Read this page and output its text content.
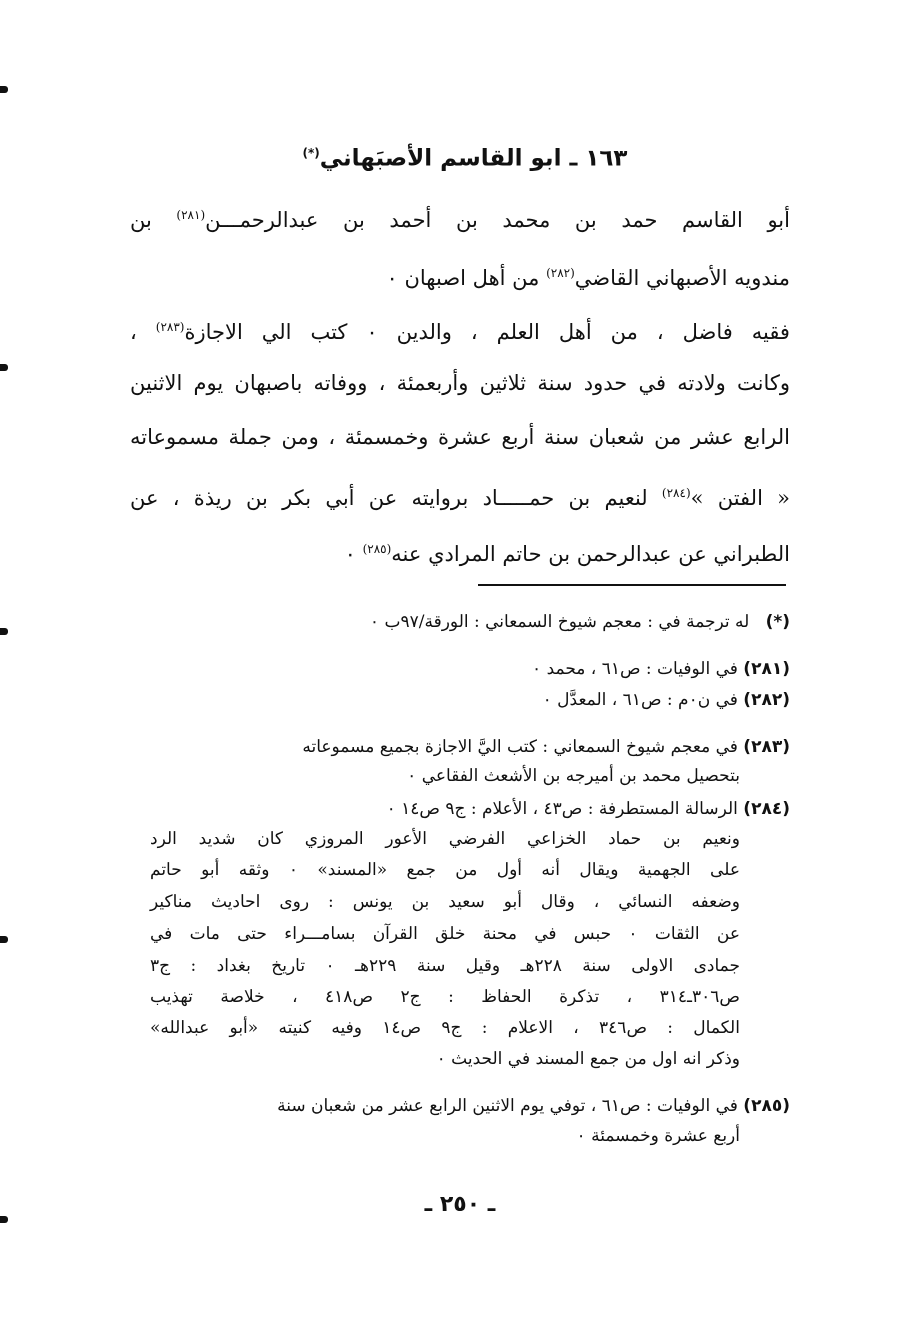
١٦٣ ـ ابو القاسم الأصبَهاني(*)
أبو القاسم حمد بن محمد بن أحمد بن عبدالرحمـــن$^{(٢٨١)}$ بن
مندويه الأصبهاني القاضي$^{(٢٨٢)}$ من أهل اصبهان ٠
فقيه فاضل ، من أهل العلم ، والدين ٠ كتب الي الاجازة$^{(٢٨٣)}$ ،
وكانت ولادته في حدود سنة ثلاثين وأربعمئة ، ووفاته باصبهان يوم الاثنين
الرابع عشر من شعبان سنة أربع عشرة وخمسمئة ، ومن جملة مسموعاته
« الفتن »$^{(٢٨٤)}$ لنعيم بن حمـــــاد بروايته عن أبي بكر بن ريذة ، عن
الطبراني عن عبدالرحمن بن حاتم المرادي عنه$^{(٢٨٥)}$ ٠
(*)   له ترجمة في : معجم شيوخ السمعاني : الورقة/٩٧ب ٠
(٢٨١) في الوفيات : ص٦١ ، محمد ٠
(٢٨٢) في ن٠م : ص٦١ ، المعدَّل ٠
(٢٨٣) في معجم شيوخ السمعاني : كتب اليَّ الاجازة بجميع مسموعاته
بتحصيل محمد بن أميرجه بن الأشعث الفقاعي ٠
(٢٨٤) الرسالة المستطرفة : ص٤٣ ، الأعلام : ج٩ ص١٤ ٠
ونعيم بن حماد الخزاعي الفرضي الأعور المروزي كان شديد الرد
على الجهمية ويقال أنه أول من جمع «المسند» ٠ وثقه أبو حاتم
وضعفه النسائي ، وقال أبو سعيد بن يونس : روى احاديث مناكير
عن الثقات ٠ حبس في محنة خلق القرآن بسامـــراء حتى مات في
جمادى الاولى سنة ٢٢٨هـ وقيل سنة ٢٢٩هـ ٠ تاريخ بغداد : ج٣
ص٣٠٦ـ٣١٤ ، تذكرة الحفاظ : ج٢ ص٤١٨ ، خلاصة تهذيب
الكمال : ص٣٤٦ ، الاعلام : ج٩ ص١٤ وفيه كنيته «أبو عبدالله»
وذكر انه اول من جمع المسند في الحديث ٠
(٢٨٥) في الوفيات : ص٦١ ، توفي يوم الاثنين الرابع عشر من شعبان سنة
أربع عشرة وخمسمئة ٠
ـ ٢٥٠ ـ
